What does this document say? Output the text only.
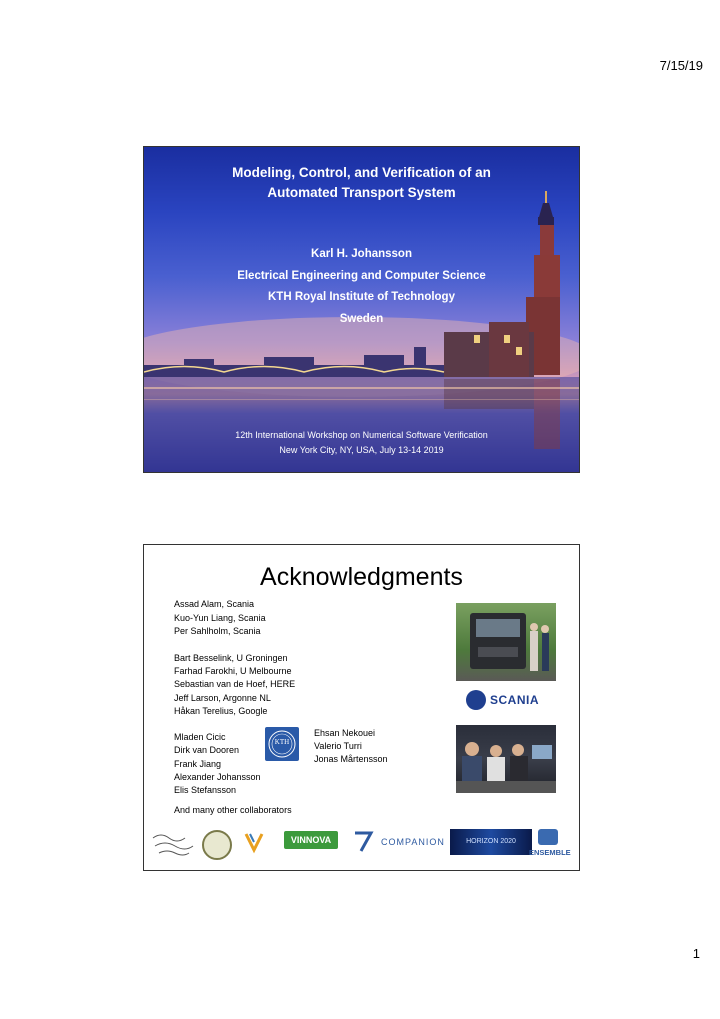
7/15/19
Modeling, Control, and Verification of an
Automated Transport System
Karl H. Johansson
Electrical Engineering and Computer Science
KTH Royal Institute of Technology
Sweden
12th International Workshop on Numerical Software Verification
New York City, NY, USA, July 13-14 2019
Acknowledgments
Assad Alam, Scania
Kuo-Yun Liang, Scania
Per Sahlholm, Scania
Bart Besselink, U Groningen
Farhad Farokhi, U Melbourne
Sebastian van de Hoef, HERE
Jeff Larson, Argonne NL
Håkan Terelius, Google
Mladen Cicic
Dirk van Dooren
Frank Jiang
Alexander Johansson
Elis Stefansson
KTH
Ehsan Nekouei
Valerio Turri
Jonas Mårtensson
And many other collaborators
SCANIA
VINNOVA	COMPANION	HORIZON 2020
ENSEMBLE
1
